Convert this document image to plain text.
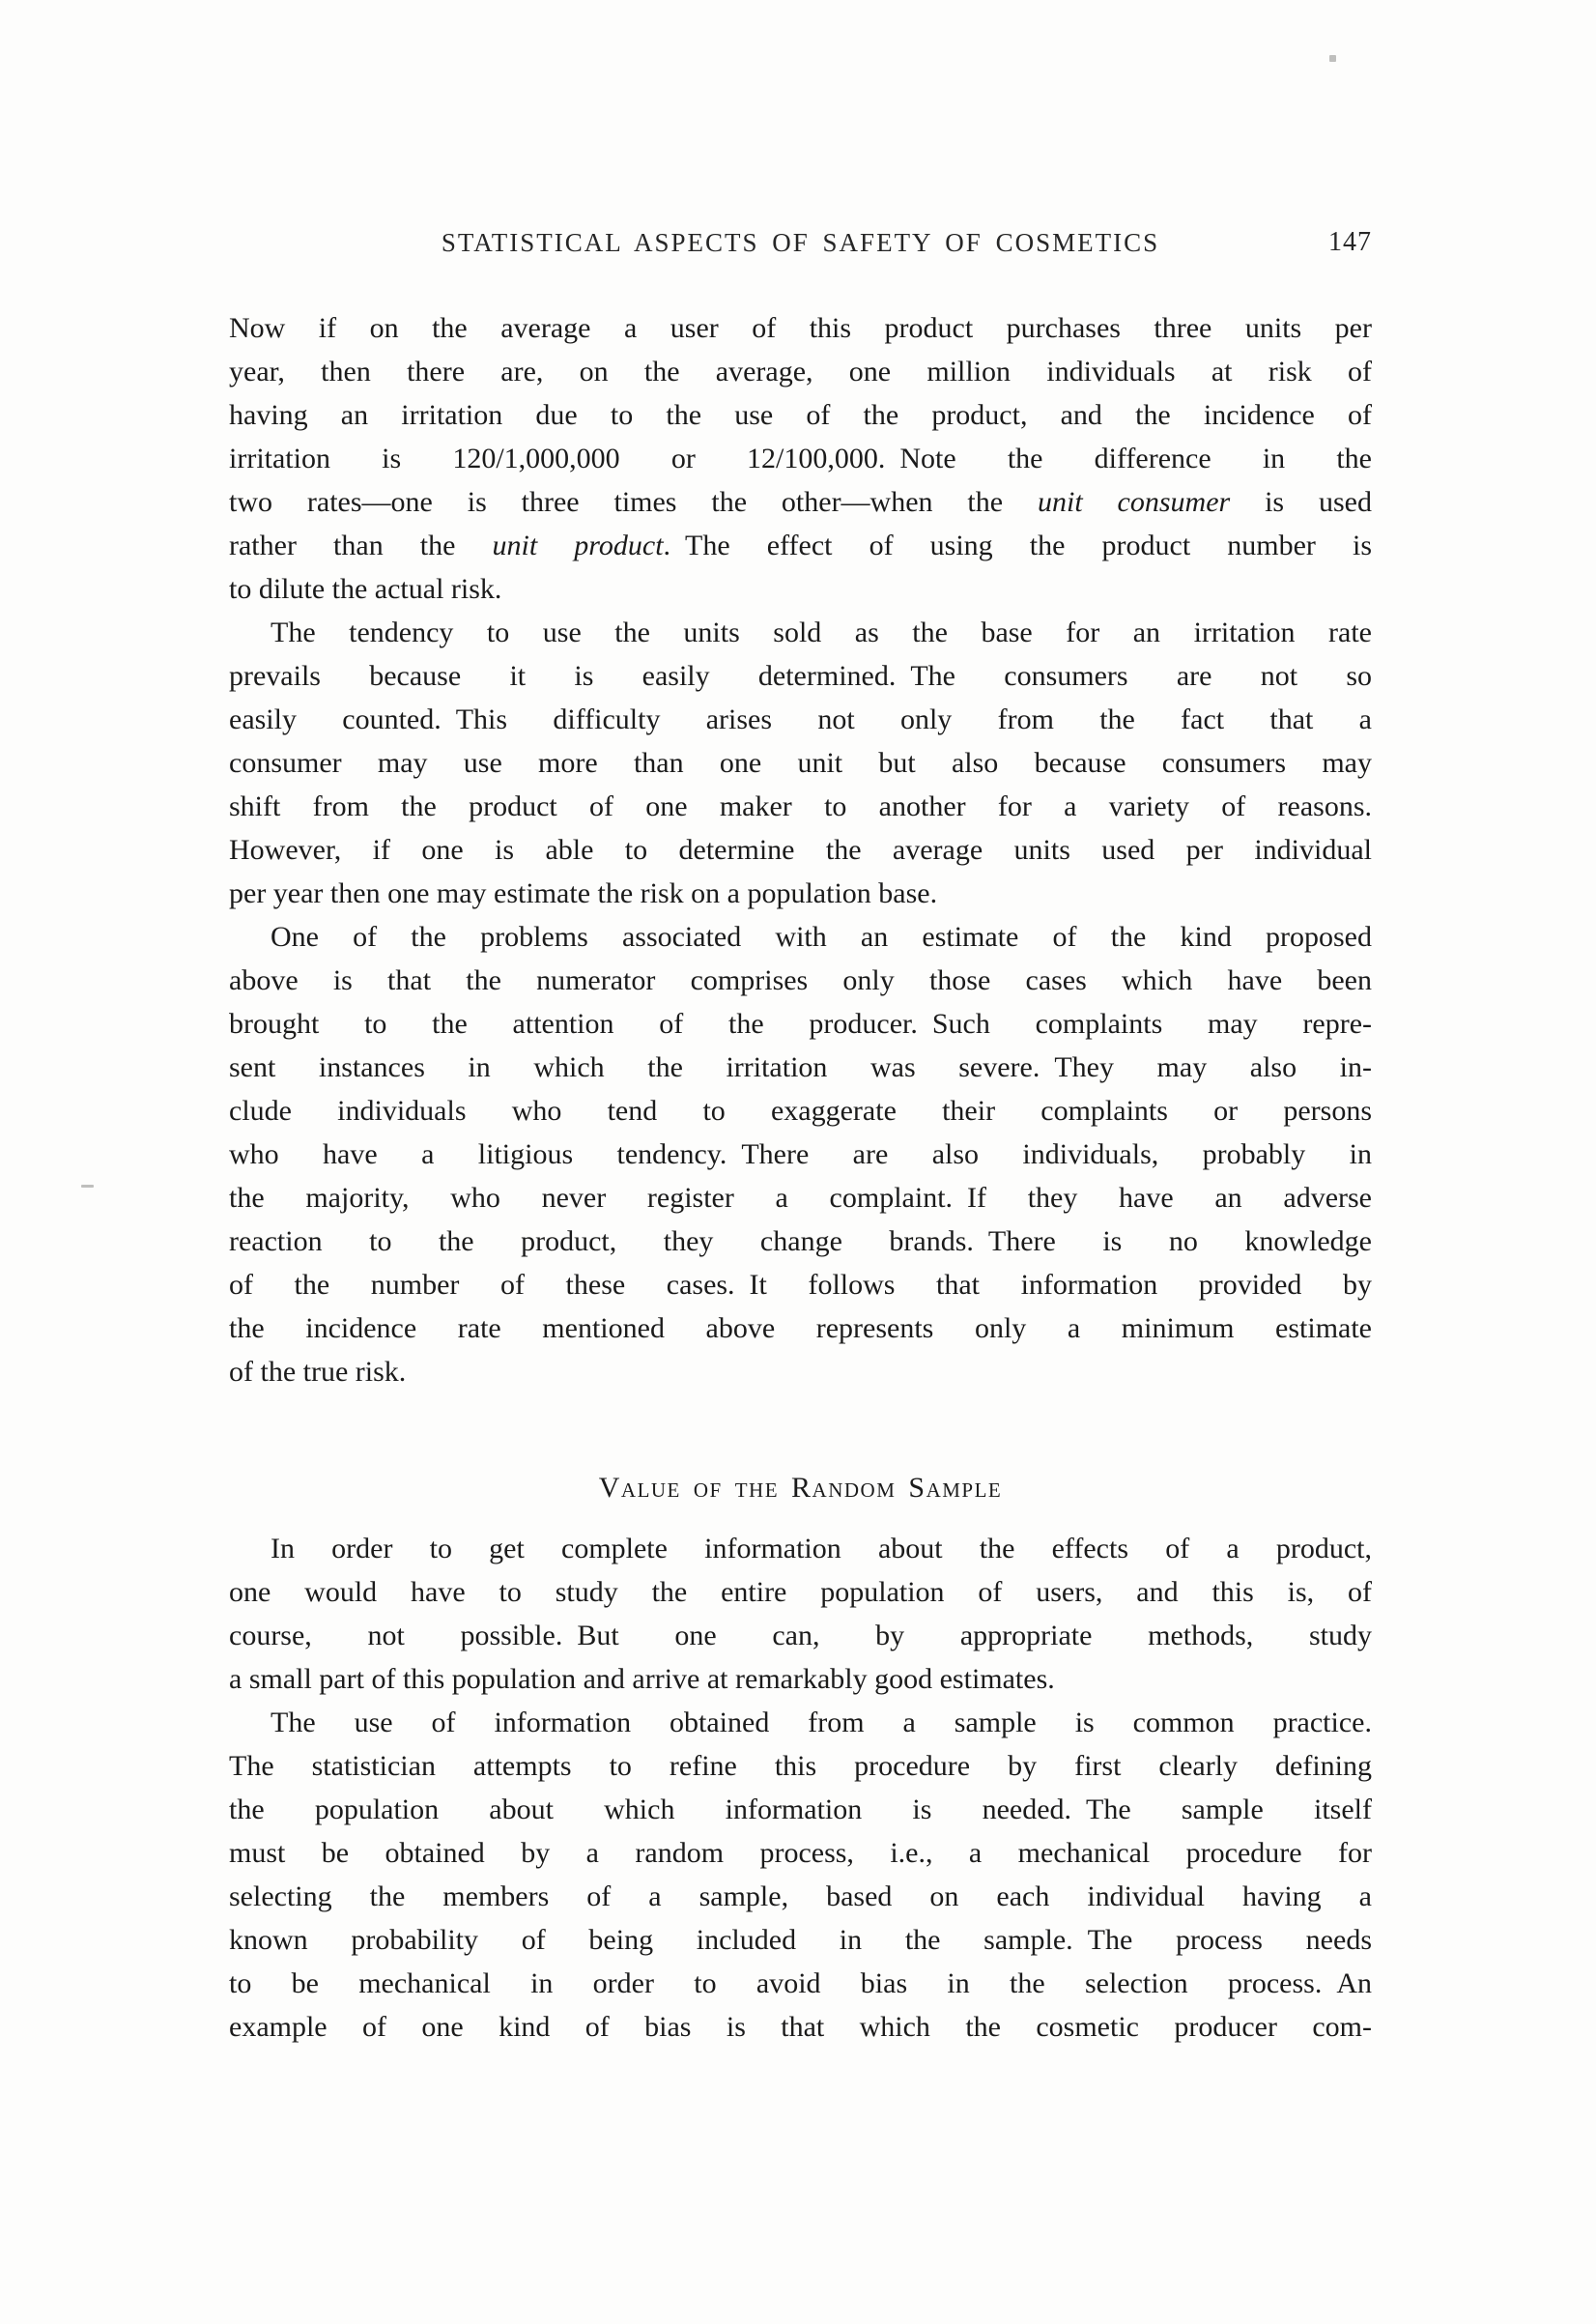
STATISTICAL ASPECTS OF SAFETY OF COSMETICS	147
Now if on the average a user of this product purchases three units per
year, then there are, on the average, one million individuals at risk of
having an irritation due to the use of the product, and the incidence of
irritation is 120/1,000,000 or 12/100,000. Note the difference in the
two rates—one is three times the other—when the unit consumer is used
rather than the unit product. The effect of using the product number is
to dilute the actual risk.
The tendency to use the units sold as the base for an irritation rate
prevails because it is easily determined. The consumers are not so
easily counted. This difficulty arises not only from the fact that a
consumer may use more than one unit but also because consumers may
shift from the product of one maker to another for a variety of reasons.
However, if one is able to determine the average units used per individual
per year then one may estimate the risk on a population base.
One of the problems associated with an estimate of the kind proposed
above is that the numerator comprises only those cases which have been
brought to the attention of the producer. Such complaints may repre-
sent instances in which the irritation was severe. They may also in-
clude individuals who tend to exaggerate their complaints or persons
who have a litigious tendency. There are also individuals, probably in
the majority, who never register a complaint. If they have an adverse
reaction to the product, they change brands. There is no knowledge
of the number of these cases. It follows that information provided by
the incidence rate mentioned above represents only a minimum estimate
of the true risk.
Value of the Random Sample
In order to get complete information about the effects of a product,
one would have to study the entire population of users, and this is, of
course, not possible. But one can, by appropriate methods, study
a small part of this population and arrive at remarkably good estimates.
The use of information obtained from a sample is common practice.
The statistician attempts to refine this procedure by first clearly defining
the population about which information is needed. The sample itself
must be obtained by a random process, i.e., a mechanical procedure for
selecting the members of a sample, based on each individual having a
known probability of being included in the sample. The process needs
to be mechanical in order to avoid bias in the selection process. An
example of one kind of bias is that which the cosmetic producer com-
